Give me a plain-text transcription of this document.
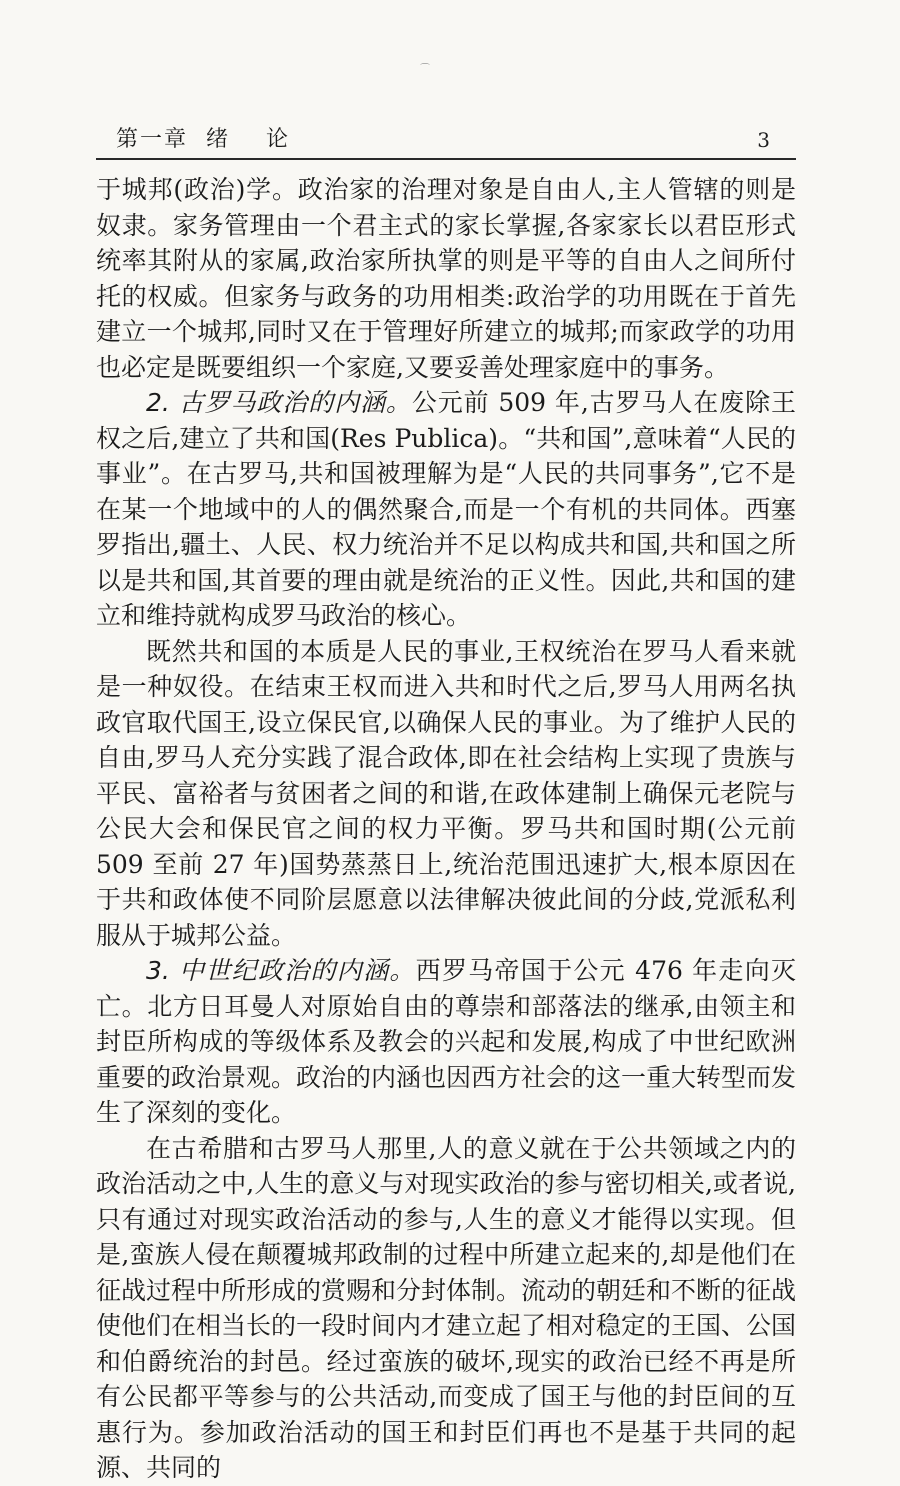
⌒
第一章  绪    论	3

于城邦(政治)学。政治家的治理对象是自由人,主人管辖的则是奴隶。家务管理由一个君主式的家长掌握,各家家长以君臣形式统率其附从的家属,政治家所执掌的则是平等的自由人之间所付托的权威。但家务与政务的功用相类:政治学的功用既在于首先建立一个城邦,同时又在于管理好所建立的城邦;而家政学的功用也必定是既要组织一个家庭,又要妥善处理家庭中的事务。

2. 古罗马政治的内涵。公元前 509 年,古罗马人在废除王权之后,建立了共和国(Res Publica)。“共和国”,意味着“人民的事业”。在古罗马,共和国被理解为是“人民的共同事务”,它不是在某一个地域中的人的偶然聚合,而是一个有机的共同体。西塞罗指出,疆土、人民、权力统治并不足以构成共和国,共和国之所以是共和国,其首要的理由就是统治的正义性。因此,共和国的建立和维持就构成罗马政治的核心。

既然共和国的本质是人民的事业,王权统治在罗马人看来就是一种奴役。在结束王权而进入共和时代之后,罗马人用两名执政官取代国王,设立保民官,以确保人民的事业。为了维护人民的自由,罗马人充分实践了混合政体,即在社会结构上实现了贵族与平民、富裕者与贫困者之间的和谐,在政体建制上确保元老院与公民大会和保民官之间的权力平衡。罗马共和国时期(公元前 509 至前 27 年)国势蒸蒸日上,统治范围迅速扩大,根本原因在于共和政体使不同阶层愿意以法律解决彼此间的分歧,党派私利服从于城邦公益。

3. 中世纪政治的内涵。西罗马帝国于公元 476 年走向灭亡。北方日耳曼人对原始自由的尊崇和部落法的继承,由领主和封臣所构成的等级体系及教会的兴起和发展,构成了中世纪欧洲重要的政治景观。政治的内涵也因西方社会的这一重大转型而发生了深刻的变化。

在古希腊和古罗马人那里,人的意义就在于公共领域之内的政治活动之中,人生的意义与对现实政治的参与密切相关,或者说,只有通过对现实政治活动的参与,人生的意义才能得以实现。但是,蛮族人侵在颠覆城邦政制的过程中所建立起来的,却是他们在征战过程中所形成的赏赐和分封体制。流动的朝廷和不断的征战使他们在相当长的一段时间内才建立起了相对稳定的王国、公国和伯爵统治的封邑。经过蛮族的破坏,现实的政治已经不再是所有公民都平等参与的公共活动,而变成了国王与他的封臣间的互惠行为。参加政治活动的国王和封臣们再也不是基于共同的起源、共同的
